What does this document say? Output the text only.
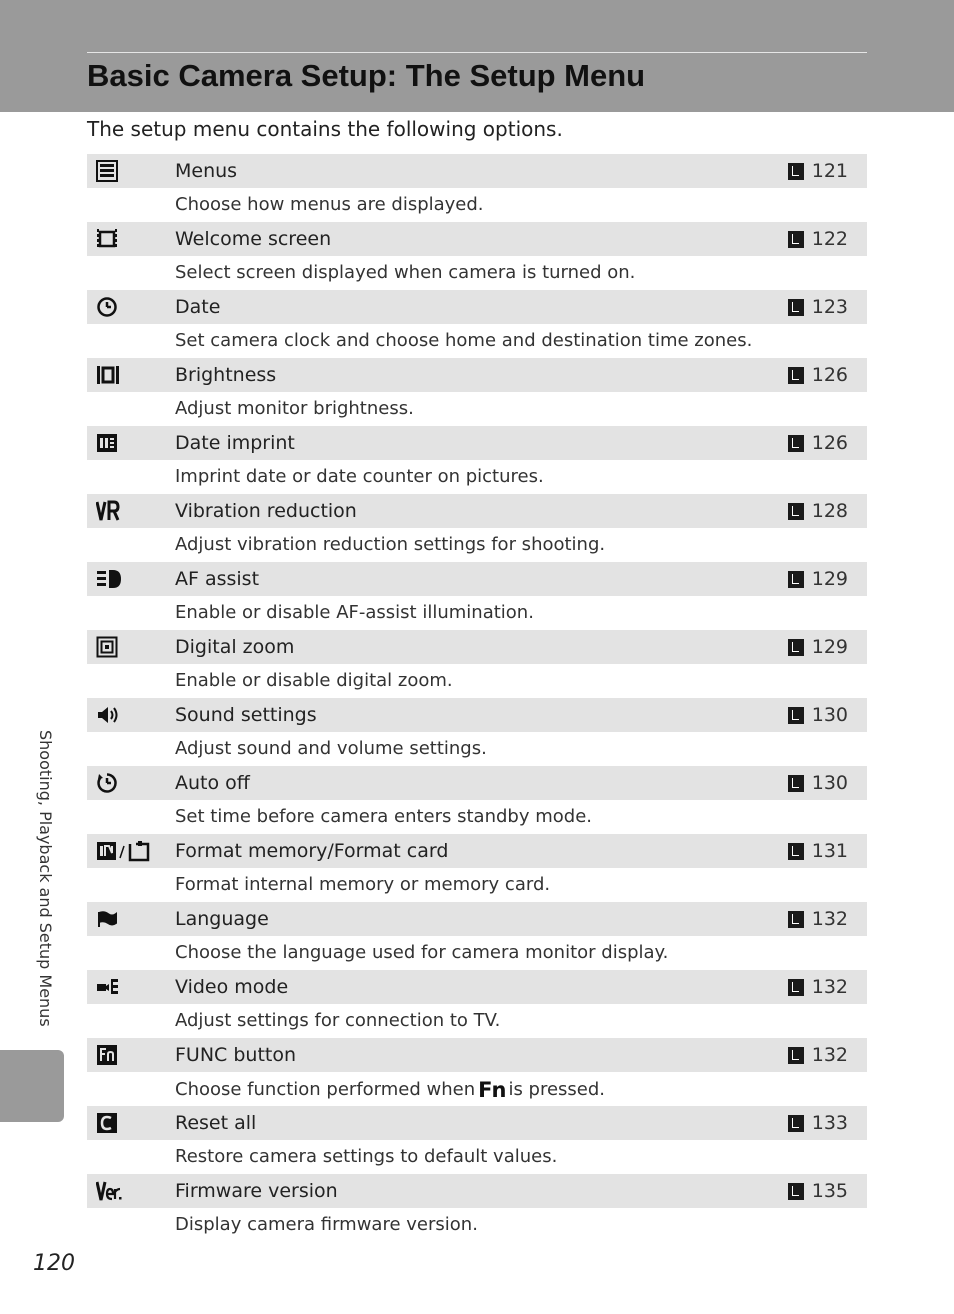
Basic Camera Setup: The Setup Menu
The setup menu contains the following options.
Menus	121
Choose how menus are displayed.
Welcome screen	122
Select screen displayed when camera is turned on.
Date	123
Set camera clock and choose home and destination time zones.
Brightness	126
Adjust monitor brightness.
Date imprint	126
Imprint date or date counter on pictures.
Vibration reduction	128
Adjust vibration reduction settings for shooting.
AF assist	129
Enable or disable AF-assist illumination.
Digital zoom	129
Enable or disable digital zoom.
Sound settings	130
Adjust sound and volume settings.
Auto off	130
Set time before camera enters standby mode.
Format memory/Format card	131
Format internal memory or memory card.
Language	132
Choose the language used for camera monitor display.
Video mode	132
Adjust settings for connection to TV.
FUNC button	132
Choose function performed when Fn is pressed.
Reset all	133
Restore camera settings to default values.
Firmware version	135
Display camera firmware version.
Shooting, Playback and Setup Menus
120
